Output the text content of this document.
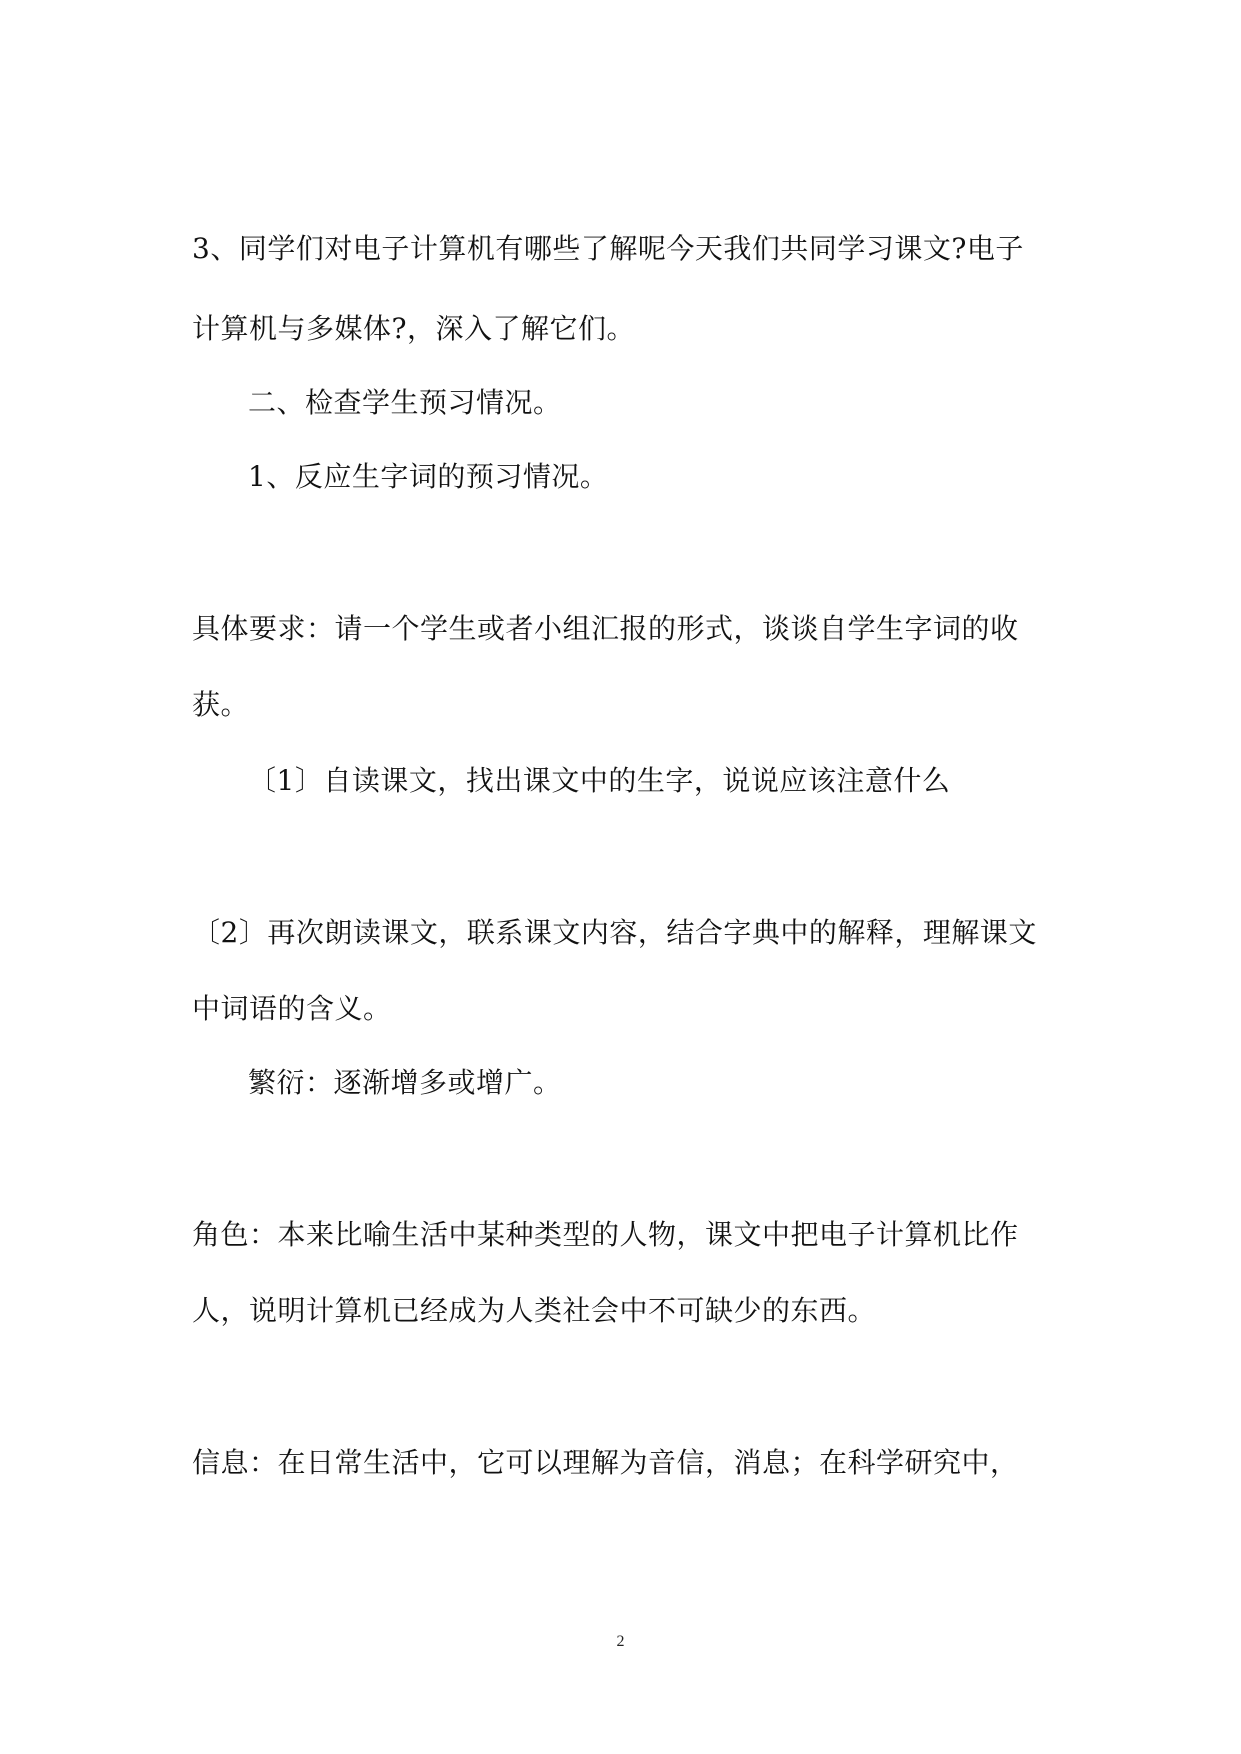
3、同学们对电子计算机有哪些了解呢今天我们共同学习课文?电子

计算机与多媒体?，深入了解它们。

二、检查学生预习情况。

1、反应生字词的预习情况。

具体要求：请一个学生或者小组汇报的形式，谈谈自学生字词的收

获。

〔1〕自读课文，找出课文中的生字，说说应该注意什么

〔2〕再次朗读课文，联系课文内容，结合字典中的解释，理解课文

中词语的含义。

繁衍：逐渐增多或增广。

角色：本来比喻生活中某种类型的人物，课文中把电子计算机比作

人，说明计算机已经成为人类社会中不可缺少的东西。

信息：在日常生活中，它可以理解为音信，消息；在科学研究中，

2
